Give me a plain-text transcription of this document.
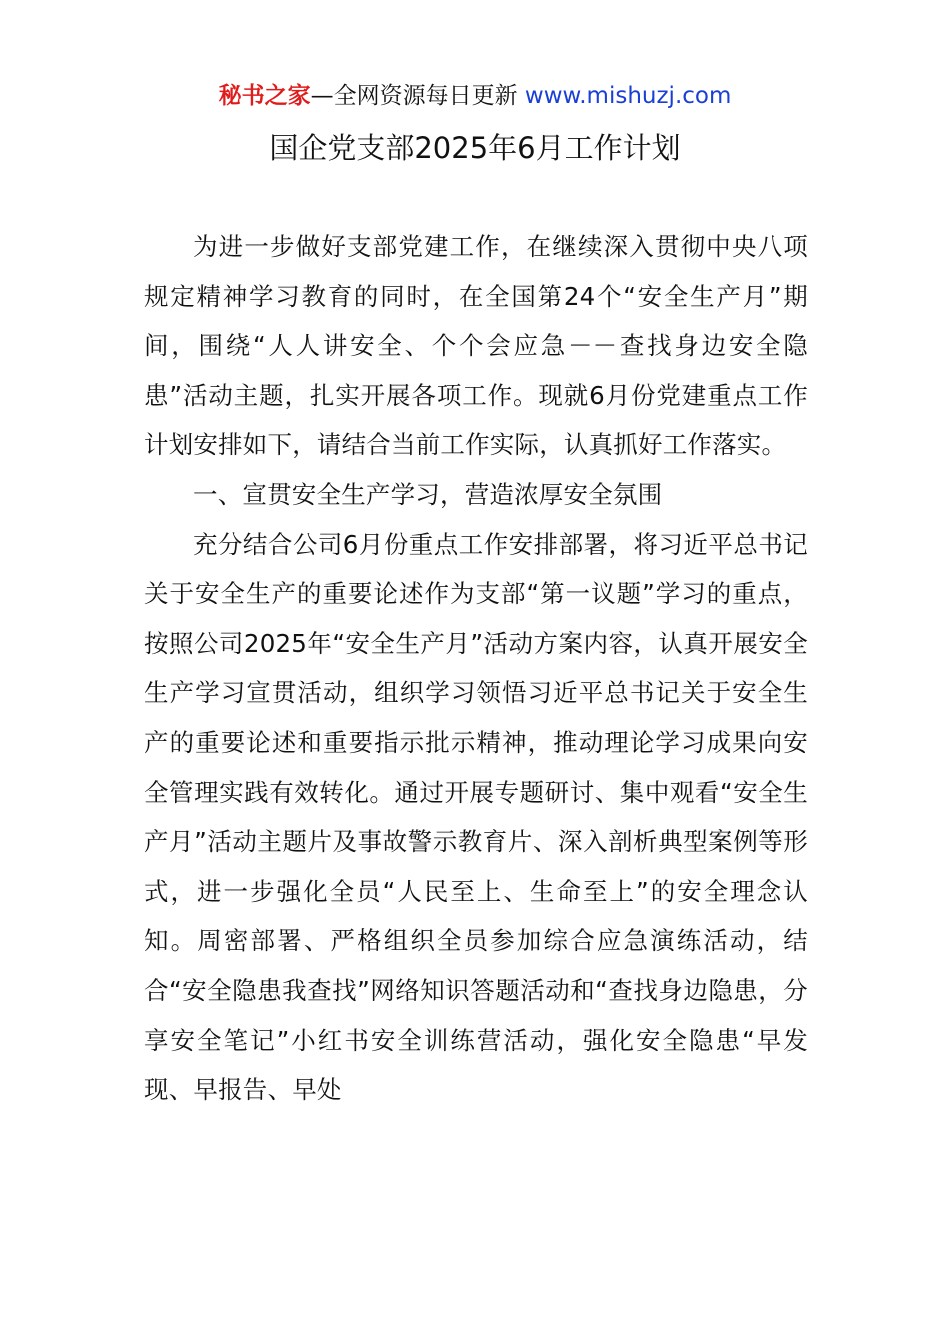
秘书之家—全网资源每日更新 www.mishuzj.com
国企党支部2025年6月工作计划

为进一步做好支部党建工作，在继续深入贯彻中央八项规定精神学习教育的同时，在全国第24个“安全生产月”期间，围绕“人人讲安全、个个会应急－－查找身边安全隐患”活动主题，扎实开展各项工作。现就6月份党建重点工作计划安排如下，请结合当前工作实际，认真抓好工作落实。

一、宣贯安全生产学习，营造浓厚安全氛围

充分结合公司6月份重点工作安排部署，将习近平总书记关于安全生产的重要论述作为支部“第一议题”学习的重点，按照公司2025年“安全生产月”活动方案内容，认真开展安全生产学习宣贯活动，组织学习领悟习近平总书记关于安全生产的重要论述和重要指示批示精神，推动理论学习成果向安全管理实践有效转化。通过开展专题研讨、集中观看“安全生产月”活动主题片及事故警示教育片、深入剖析典型案例等形式，进一步强化全员“人民至上、生命至上”的安全理念认知。周密部署、严格组织全员参加综合应急演练活动，结合“安全隐患我查找”网络知识答题活动和“查找身边隐患，分享安全笔记”小红书安全训练营活动，强化安全隐患“早发现、早报告、早处
